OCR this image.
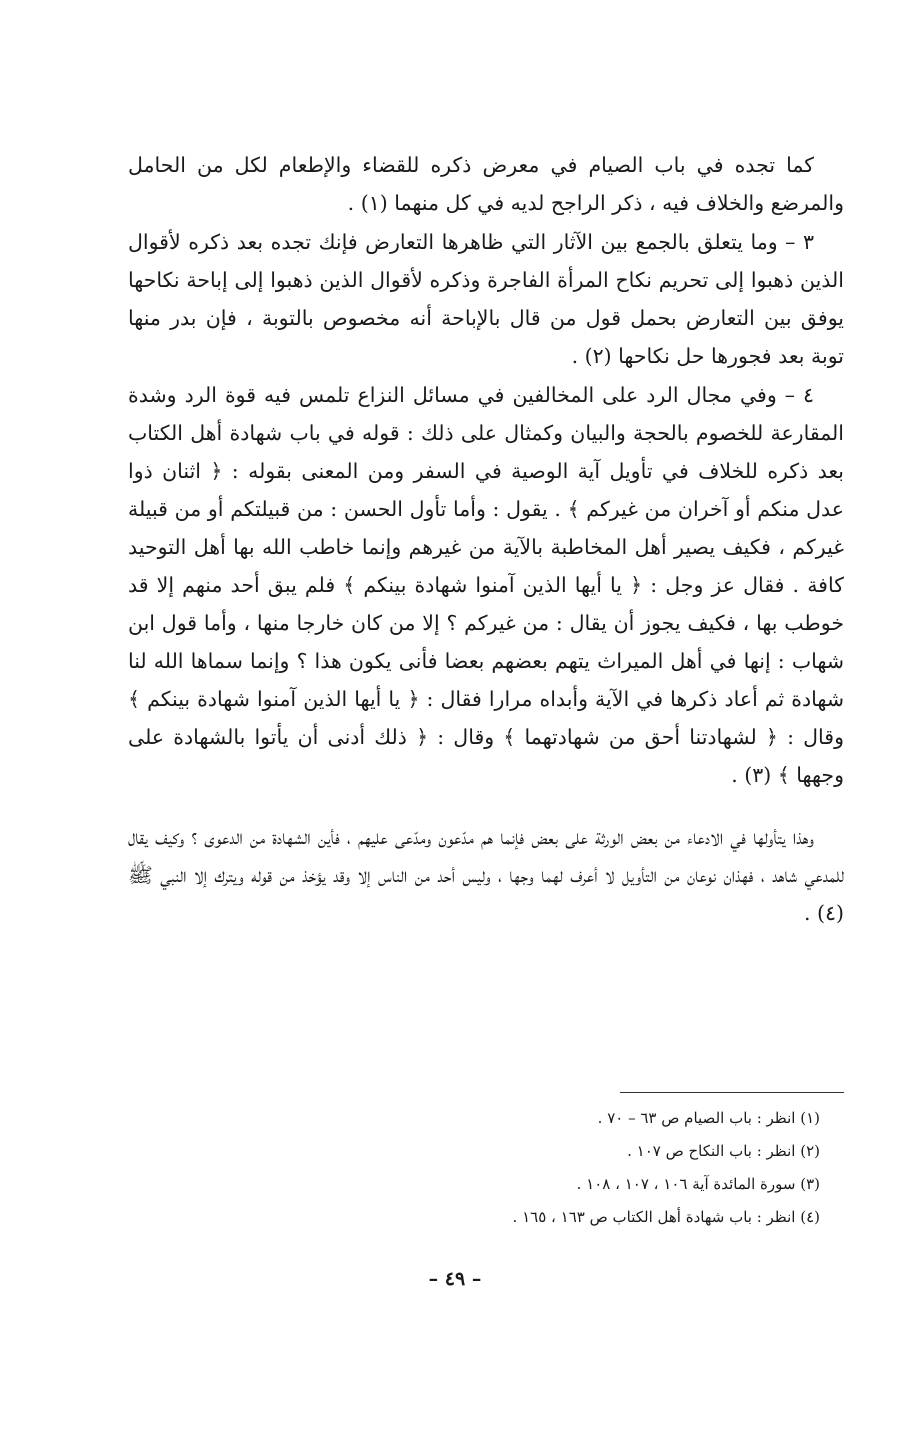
كما تجده في باب الصيام في معرض ذكره للقضاء والإطعام لكل من الحامل والمرضع والخلاف فيه ، ذكر الراجح لديه في كل منهما (١) .

٣ – وما يتعلق بالجمع بين الآثار التي ظاهرها التعارض فإنك تجده بعد ذكره لأقوال الذين ذهبوا إلى تحريم نكاح المرأة الفاجرة وذكره لأقوال الذين ذهبوا إلى إباحة نكاحها يوفق بين التعارض بحمل قول من قال بالإباحة أنه مخصوص بالتوبة ، فإن بدر منها توبة بعد فجورها حل نكاحها (٢) .

٤ – وفي مجال الرد على المخالفين في مسائل النزاع تلمس فيه قوة الرد وشدة المقارعة للخصوم بالحجة والبيان وكمثال على ذلك : قوله في باب شهادة أهل الكتاب بعد ذكره للخلاف في تأويل آية الوصية في السفر ومن المعنى بقوله : ﴿ اثنان ذوا عدل منكم أو آخران من غيركم ﴾ . يقول : وأما تأول الحسن : من قبيلتكم أو من قبيلة غيركم ، فكيف يصير أهل المخاطبة بالآية من غيرهم وإنما خاطب الله بها أهل التوحيد كافة . فقال عز وجل : ﴿ يا أيها الذين آمنوا شهادة بينكم ﴾ فلم يبق أحد منهم إلا قد خوطب بها ، فكيف يجوز أن يقال : من غيركم ؟ إلا من كان خارجا منها ، وأما قول ابن شهاب : إنها في أهل الميراث يتهم بعضهم بعضا فأنى يكون هذا ؟ وإنما سماها الله لنا شهادة ثم أعاد ذكرها في الآية وأبداه مرارا فقال : ﴿ يا أيها الذين آمنوا شهادة بينكم ﴾ وقال : ﴿ لشهادتنا أحق من شهادتهما ﴾ وقال : ﴿ ذلك أدنى أن يأتوا بالشهادة على وجهها ﴾ (٣) .

وهذا يتأولها في الادعاء من بعض الورثة على بعض فإنما هم مدّعون ومدّعى عليهم ، فأين الشهادة من الدعوى ؟ وكيف يقال للمدعي شاهد ، فهذان نوعان من التأويل لا أعرف لهما وجها ، وليس أحد من الناس إلا وقد يؤخذ من قوله ويترك إلا النبي ﷺ (٤) .

(١) انظر : باب الصيام ص ٦٣ – ٧٠ .

(٢) انظر : باب النكاح ص ١٠٧ .

(٣) سورة المائدة آية ١٠٦ ، ١٠٧ ، ١٠٨ .

(٤) انظر : باب شهادة أهل الكتاب ص ١٦٣ ، ١٦٥ .

– ٤٩ –
